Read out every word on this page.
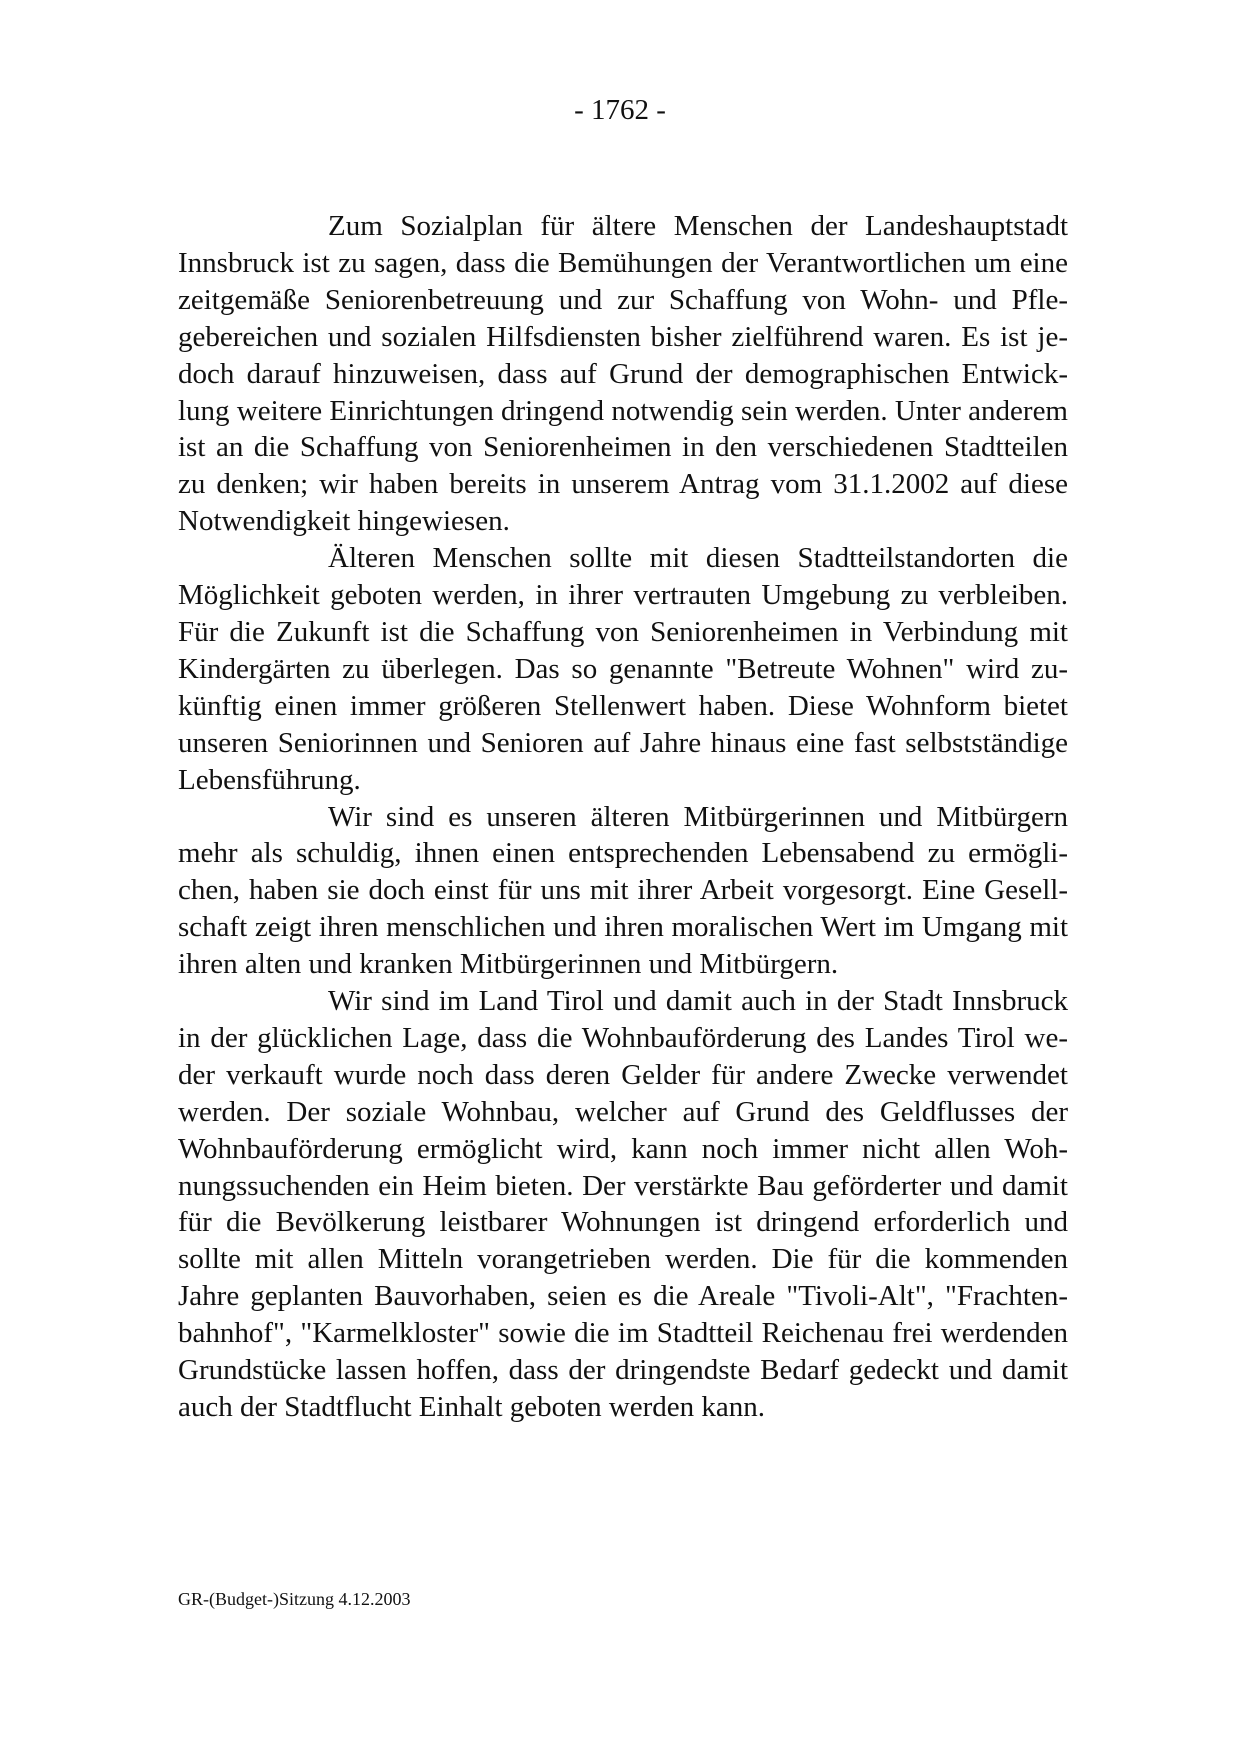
- 1762 -

Zum Sozialplan für ältere Menschen der Landeshauptstadt Innsbruck ist zu sagen, dass die Bemühungen der Verantwortlichen um eine zeitgemäße Seniorenbetreuung und zur Schaffung von Wohn- und Pflegebereichen und sozialen Hilfsdiensten bisher zielführend waren. Es ist jedoch darauf hinzuweisen, dass auf Grund der demographischen Entwicklung weitere Einrichtungen dringend notwendig sein werden. Unter anderem ist an die Schaffung von Seniorenheimen in den verschiedenen Stadtteilen zu denken; wir haben bereits in unserem Antrag vom 31.1.2002 auf diese Notwendigkeit hingewiesen.

Älteren Menschen sollte mit diesen Stadtteilstandorten die Möglichkeit geboten werden, in ihrer vertrauten Umgebung zu verbleiben. Für die Zukunft ist die Schaffung von Seniorenheimen in Verbindung mit Kindergärten zu überlegen. Das so genannte "Betreute Wohnen" wird zukünftig einen immer größeren Stellenwert haben. Diese Wohnform bietet unseren Seniorinnen und Senioren auf Jahre hinaus eine fast selbstständige Lebensführung.

Wir sind es unseren älteren Mitbürgerinnen und Mitbürgern mehr als schuldig, ihnen einen entsprechenden Lebensabend zu ermöglichen, haben sie doch einst für uns mit ihrer Arbeit vorgesorgt. Eine Gesellschaft zeigt ihren menschlichen und ihren moralischen Wert im Umgang mit ihren alten und kranken Mitbürgerinnen und Mitbürgern.

Wir sind im Land Tirol und damit auch in der Stadt Innsbruck in der glücklichen Lage, dass die Wohnbauförderung des Landes Tirol weder verkauft wurde noch dass deren Gelder für andere Zwecke verwendet werden. Der soziale Wohnbau, welcher auf Grund des Geldflusses der Wohnbauförderung ermöglicht wird, kann noch immer nicht allen Wohnungssuchenden ein Heim bieten. Der verstärkte Bau geförderter und damit für die Bevölkerung leistbarer Wohnungen ist dringend erforderlich und sollte mit allen Mitteln vorangetrieben werden. Die für die kommenden Jahre geplanten Bauvorhaben, seien es die Areale "Tivoli-Alt", "Frachtenbahnhof", "Karmelkloster" sowie die im Stadtteil Reichenau frei werdenden Grundstücke lassen hoffen, dass der dringendste Bedarf gedeckt und damit auch der Stadtflucht Einhalt geboten werden kann.

GR-(Budget-)Sitzung 4.12.2003
